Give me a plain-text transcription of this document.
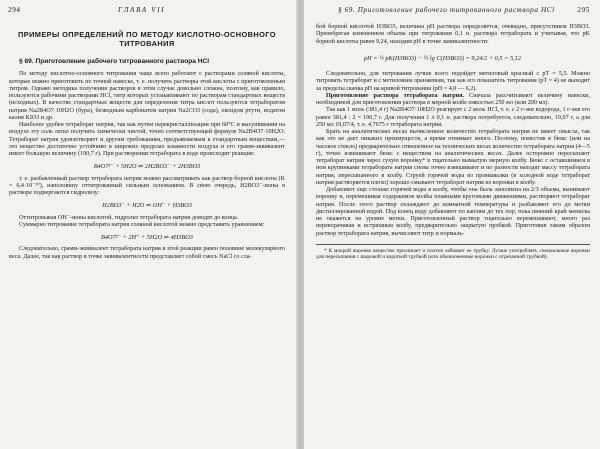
294	ГЛАВА VII
ПРИМЕРЫ ОПРЕДЕЛЕНИЙ ПО МЕТОДУ КИСЛОТНО-ОСНОВНОГО ТИТРОВАНИЯ
§ 69. Приготовление рабочего титрованного раствора HCl

По методу кислотно-основного титрования чаще всего работают с растворами соляной кислоты, которые можно приготовить по точной навеске, т. е. получить растворы этой кислоты с приготовленным титром. Однако методика получения растворов в этом случае довольно сложна, поэтому, как правило, пользуются рабочими растворами HCl, титр которых устанавливают по растворам стандартных веществ (исходных). В качестве стандартных веществ для определения титра кислот пользуются тетраборатом натрия Na2B4O7·10H2O (бура), безводным карбонатом натрия Na2CO3 (сода), оксидом ртути, иодатом калия KIO3 и др.

Наиболее удобен тетраборат натрия, так как путем перекристаллизации при 60°С и высушивания на воздухе эту соль легко получить химически чистой, точно соответствующей формуле Na2B4O7·10H2O. Тетраборат натрия удовлетворяет и другим требованиям, предъявляемым к стандартным веществам,— это вещество достаточно устойчиво в широких пределах влажности воздуха и его грамм-эквивалент имеет большую величину (190,7 г). При растворении тетрабората в воде происходит реакция:

B4O7²⁻ + 5H2O ⇌ 2H2BO3⁻ + 2H3BO3

т. е. разбавленный раствор тетрабората натрия можно рассматривать как раствор борной кислоты (K = 6,4·10⁻¹⁰), наполовину оттитрованный сильным основанием. В свою очередь, H2BO3⁻-ионы в растворе подвергаются гидролизу:

H2BO3⁻ + H2O ⇌ OH⁻ + H3BO3

Оттитровывая OH⁻-ионы кислотой, гидролиз тетрабората натрия доводят до конца.

Суммарно титрование тетрабората натрия соляной кислотой можно представить уравнением:

B4O7²⁻ + 2H⁺ + 5H2O ⇌ 4H3BO3

Следовательно, грамм-эквивалент тетрабората натрия в этой реакции равен половине молекулярного веса. Далее, так как раствор в точке эквивалентности представляет собой смесь NaCl со сла-

§ 69. Приготовление рабочего титрованного раствора HCl	295

бой борной кислотой H3BO3, величина pH раствора определяется, очевидно, присутствием H3BO3. Пренебрегая изменением объема при титровании 0,1 н. раствора тетрабората и учитывая, что pK борной кислоты равен 9,24, находим pH в точке эквивалентности:

pH = ½ pK(H3BO3) − ½ lg C(H3BO3) = 9,24/2 + 0,5 = 5,12

Следовательно, для титрования лучше всего подойдет метиловый красный с pT = 5,5. Можно титровать тетраборат и с метиловым оранжевым, так как его показатель титрования (pT = 4) не выходит за пределы скачка pH на кривой титрования (pH = 4,0 — 6,2).

Приготовление раствора тетрабората натрия. Сначала рассчитывают величину навески, необходимой для приготовления раствора в мерной колбе емкостью 250 мл (или 200 мл).

Так как 1 моль (381,4 г) Na2B4O7·10H2O реагирует с 2 моль HCl, т. е. с 2 г-экв водорода, 1 г-экв его равен 381,4 : 2 = 190,7 г. Для получения 1 л 0,1 н. раствора потребуется, следовательно, 19,07 г, а для 250 мл 19,07/4, т. е. 4,7675 г тетрабората натрия.

Брать на аналитических весах вычисленное количество тетрабората натрия не имеет смысла, так как это не дает никаких преимуществ, а время отнимает много. Поэтому, поместив в бюкс (или на часовое стекло) предварительно отвешенное на технических весах количество тетрабората натрия (4—5 г), точно взвешивают бюкс с веществом на аналитических весах. Далее осторожно пересыпают тетраборат натрия через сухую воронку* в тщательно вымытую мерную колбу. Бюкс с оставшимися в нем крупинками тетрабората натрия снова точно взвешивают и по разности находят массу тетрабората натрия, пересыпанного в колбу. Струей горячей воды из промывалки (в холодной воде тетраборат натрия растворяется плохо) хорошо смывают тетраборат натрия из воронки в колбу.

Добавляют еще столько горячей воды в колбу, чтобы она была заполнена на 2/3 объема, вынимают воронку и, перемешивая содержимое колбы плавными круговыми движениями, растворяют тетраборат натрия. После этого раствор охлаждают до комнатной температуры и разбавляют его до метки дистиллированной водой. Под конец воду добавляют по каплям до тех пор, пока нижний край мениска не окажется на уровне метки. Приготовленный раствор тщательно перемешивают, много раз переворачивая и встряхивая колбу, предварительно закрытую пробкой. Приготовив таким образом раствор тетрабората натрия, вычисляют титр и нормаль-

* К мокрой воронке вещество прилипает и плотно забивает ее трубку. Лучше употреблять специальные воронки для пересыпания с широкой и короткой трубкой (или обыкновенные воронки с отрезанной трубкой).
